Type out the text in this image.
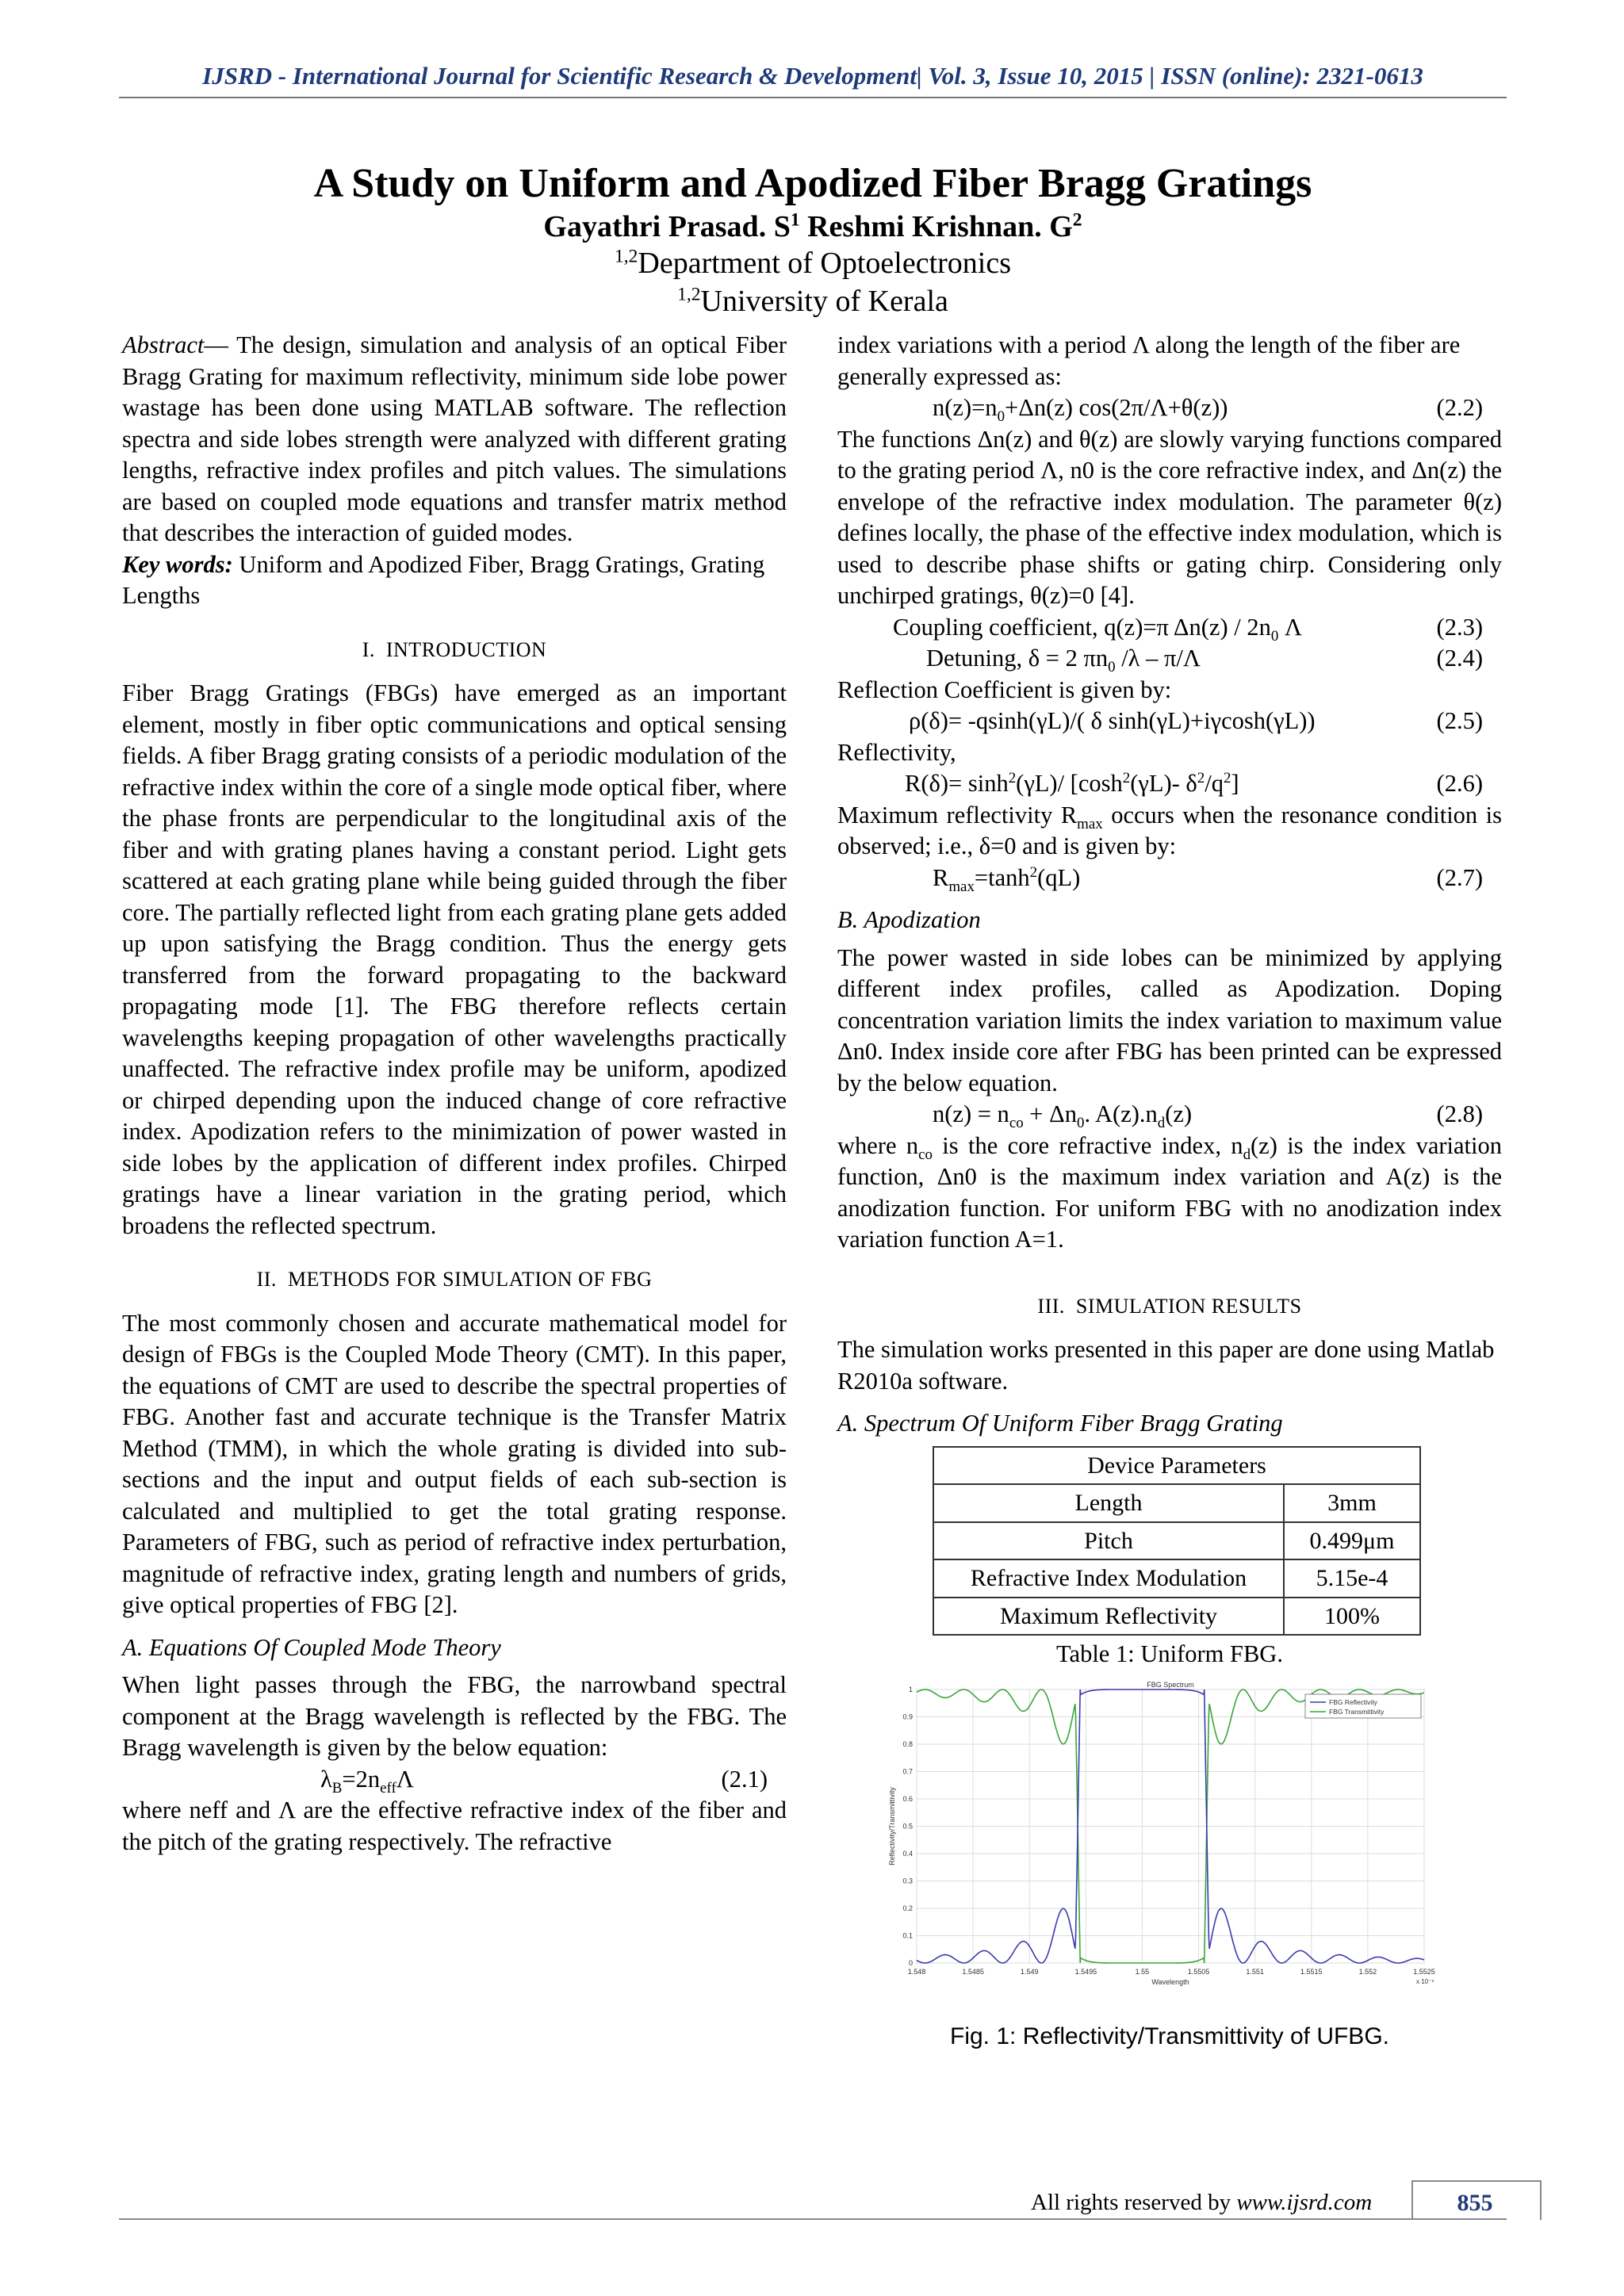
IJSRD - International Journal for Scientific Research & Development| Vol. 3, Issue 10, 2015 | ISSN (online): 2321-0613
A Study on Uniform and Apodized Fiber Bragg Gratings
Gayathri Prasad. $S^1$ Reshmi Krishnan. $G^2$
$^{1,2}$Department of Optoelectronics
$^{1,2}$University of Kerala

Abstract— The design, simulation and analysis of an optical Fiber Bragg Grating for maximum reflectivity, minimum side lobe power wastage has been done using MATLAB software. The reflection spectra and side lobes strength were analyzed with different grating lengths, refractive index profiles and pitch values. The simulations are based on coupled mode equations and transfer matrix method that describes the interaction of guided modes.

Key words: Uniform and Apodized Fiber, Bragg Gratings, Grating Lengths

I. INTRODUCTION

Fiber Bragg Gratings (FBGs) have emerged as an important element, mostly in fiber optic communications and optical sensing fields. A fiber Bragg grating consists of a periodic modulation of the refractive index within the core of a single mode optical fiber, where the phase fronts are perpendicular to the longitudinal axis of the fiber and with grating planes having a constant period. Light gets scattered at each grating plane while being guided through the fiber core. The partially reflected light from each grating plane gets added up upon satisfying the Bragg condition. Thus the energy gets transferred from the forward propagating to the backward propagating mode [1]. The FBG therefore reflects certain wavelengths keeping propagation of other wavelengths practically unaffected. The refractive index profile may be uniform, apodized or chirped depending upon the induced change of core refractive index. Apodization refers to the minimization of power wasted in side lobes by the application of different index profiles. Chirped gratings have a linear variation in the grating period, which broadens the reflected spectrum.

II. METHODS FOR SIMULATION OF FBG

The most commonly chosen and accurate mathematical model for design of FBGs is the Coupled Mode Theory (CMT). In this paper, the equations of CMT are used to describe the spectral properties of FBG. Another fast and accurate technique is the Transfer Matrix Method (TMM), in which the whole grating is divided into sub-sections and the input and output fields of each sub-section is calculated and multiplied to get the total grating response. Parameters of FBG, such as period of refractive index perturbation, magnitude of refractive index, grating length and numbers of grids, give optical properties of FBG [2].

A. Equations Of Coupled Mode Theory

When light passes through the FBG, the narrowband spectral component at the Bragg wavelength is reflected by the FBG. The Bragg wavelength is given by the below equation:

$\lambda_B=2n_{eff}\Lambda$	(2.1)

where neff and Λ are the effective refractive index of the fiber and the pitch of the grating respectively. The refractive

index variations with a period Λ along the length of the fiber are generally expressed as:

$n(z)=n_0+\Delta n(z)$ cos(2π/Λ+θ(z))	(2.2)

The functions Δn(z) and θ(z) are slowly varying functions compared to the grating period Λ, n0 is the core refractive index, and Δn(z) the envelope of the refractive index modulation. The parameter θ(z) defines locally, the phase of the effective index modulation, which is used to describe phase shifts or gating chirp. Considering only unchirped gratings, θ(z)=0 [4].

Coupling coefficient, q(z)=π $\Delta n(z) / 2n_0$ Λ	(2.3)
Detuning, δ = 2 $\pi n_0$ /λ – π/Λ	(2.4)

Reflection Coefficient is given by:

ρ(δ)= -qsinh(γL)/( δ sinh(γL)+iγcosh(γL))	(2.5)

Reflectivity,

$R(\delta)= \sinh^2(\gamma L)/$ [$\cosh^2(\gamma L)-$ $\delta^2/q^2$]	(2.6)

Maximum reflectivity $R_{max}$ occurs when the resonance condition is observed; i.e., δ=0 and is given by:

$R_{max}=\tanh^2(qL)$	(2.7)
B. Apodization

The power wasted in side lobes can be minimized by applying different index profiles, called as Apodization. Doping concentration variation limits the index variation to maximum value Δn0. Index inside core after FBG has been printed can be expressed by the below equation.

$n(z) = n_{co} + \Delta n_0$. $A(z).n_d(z)$	(2.8)

where $n_{co}$ is the core refractive index, $n_d(z)$ is the index variation function, Δn0 is the maximum index variation and A(z) is the anodization function. For uniform FBG with no anodization index variation function A=1.

III. SIMULATION RESULTS

The simulation works presented in this paper are done using Matlab R2010a software.

A. Spectrum Of Uniform Fiber Bragg Grating
Device Parameters	
Length	3mm
Pitch	0.499μm
Refractive Index Modulation	5.15e-4
Maximum Reflectivity	100%
Table 1: Uniform FBG.
1.548	1.5485	1.549	1.5495	1.55	1.5505	1.551	1.5515	1.552	1.5525
0
0.1
0.2
0.3
0.4
0.5
0.6
0.7
0.8
0.9
1
FBG Spectrum
Wavelength	x 10⁻⁶
Reflectivity/Transmittivity
FBG Reflectivity
FBG Transmittivity
Fig. 1: Reflectivity/Transmittivity of UFBG.
All rights reserved by www.ijsrd.com	855
